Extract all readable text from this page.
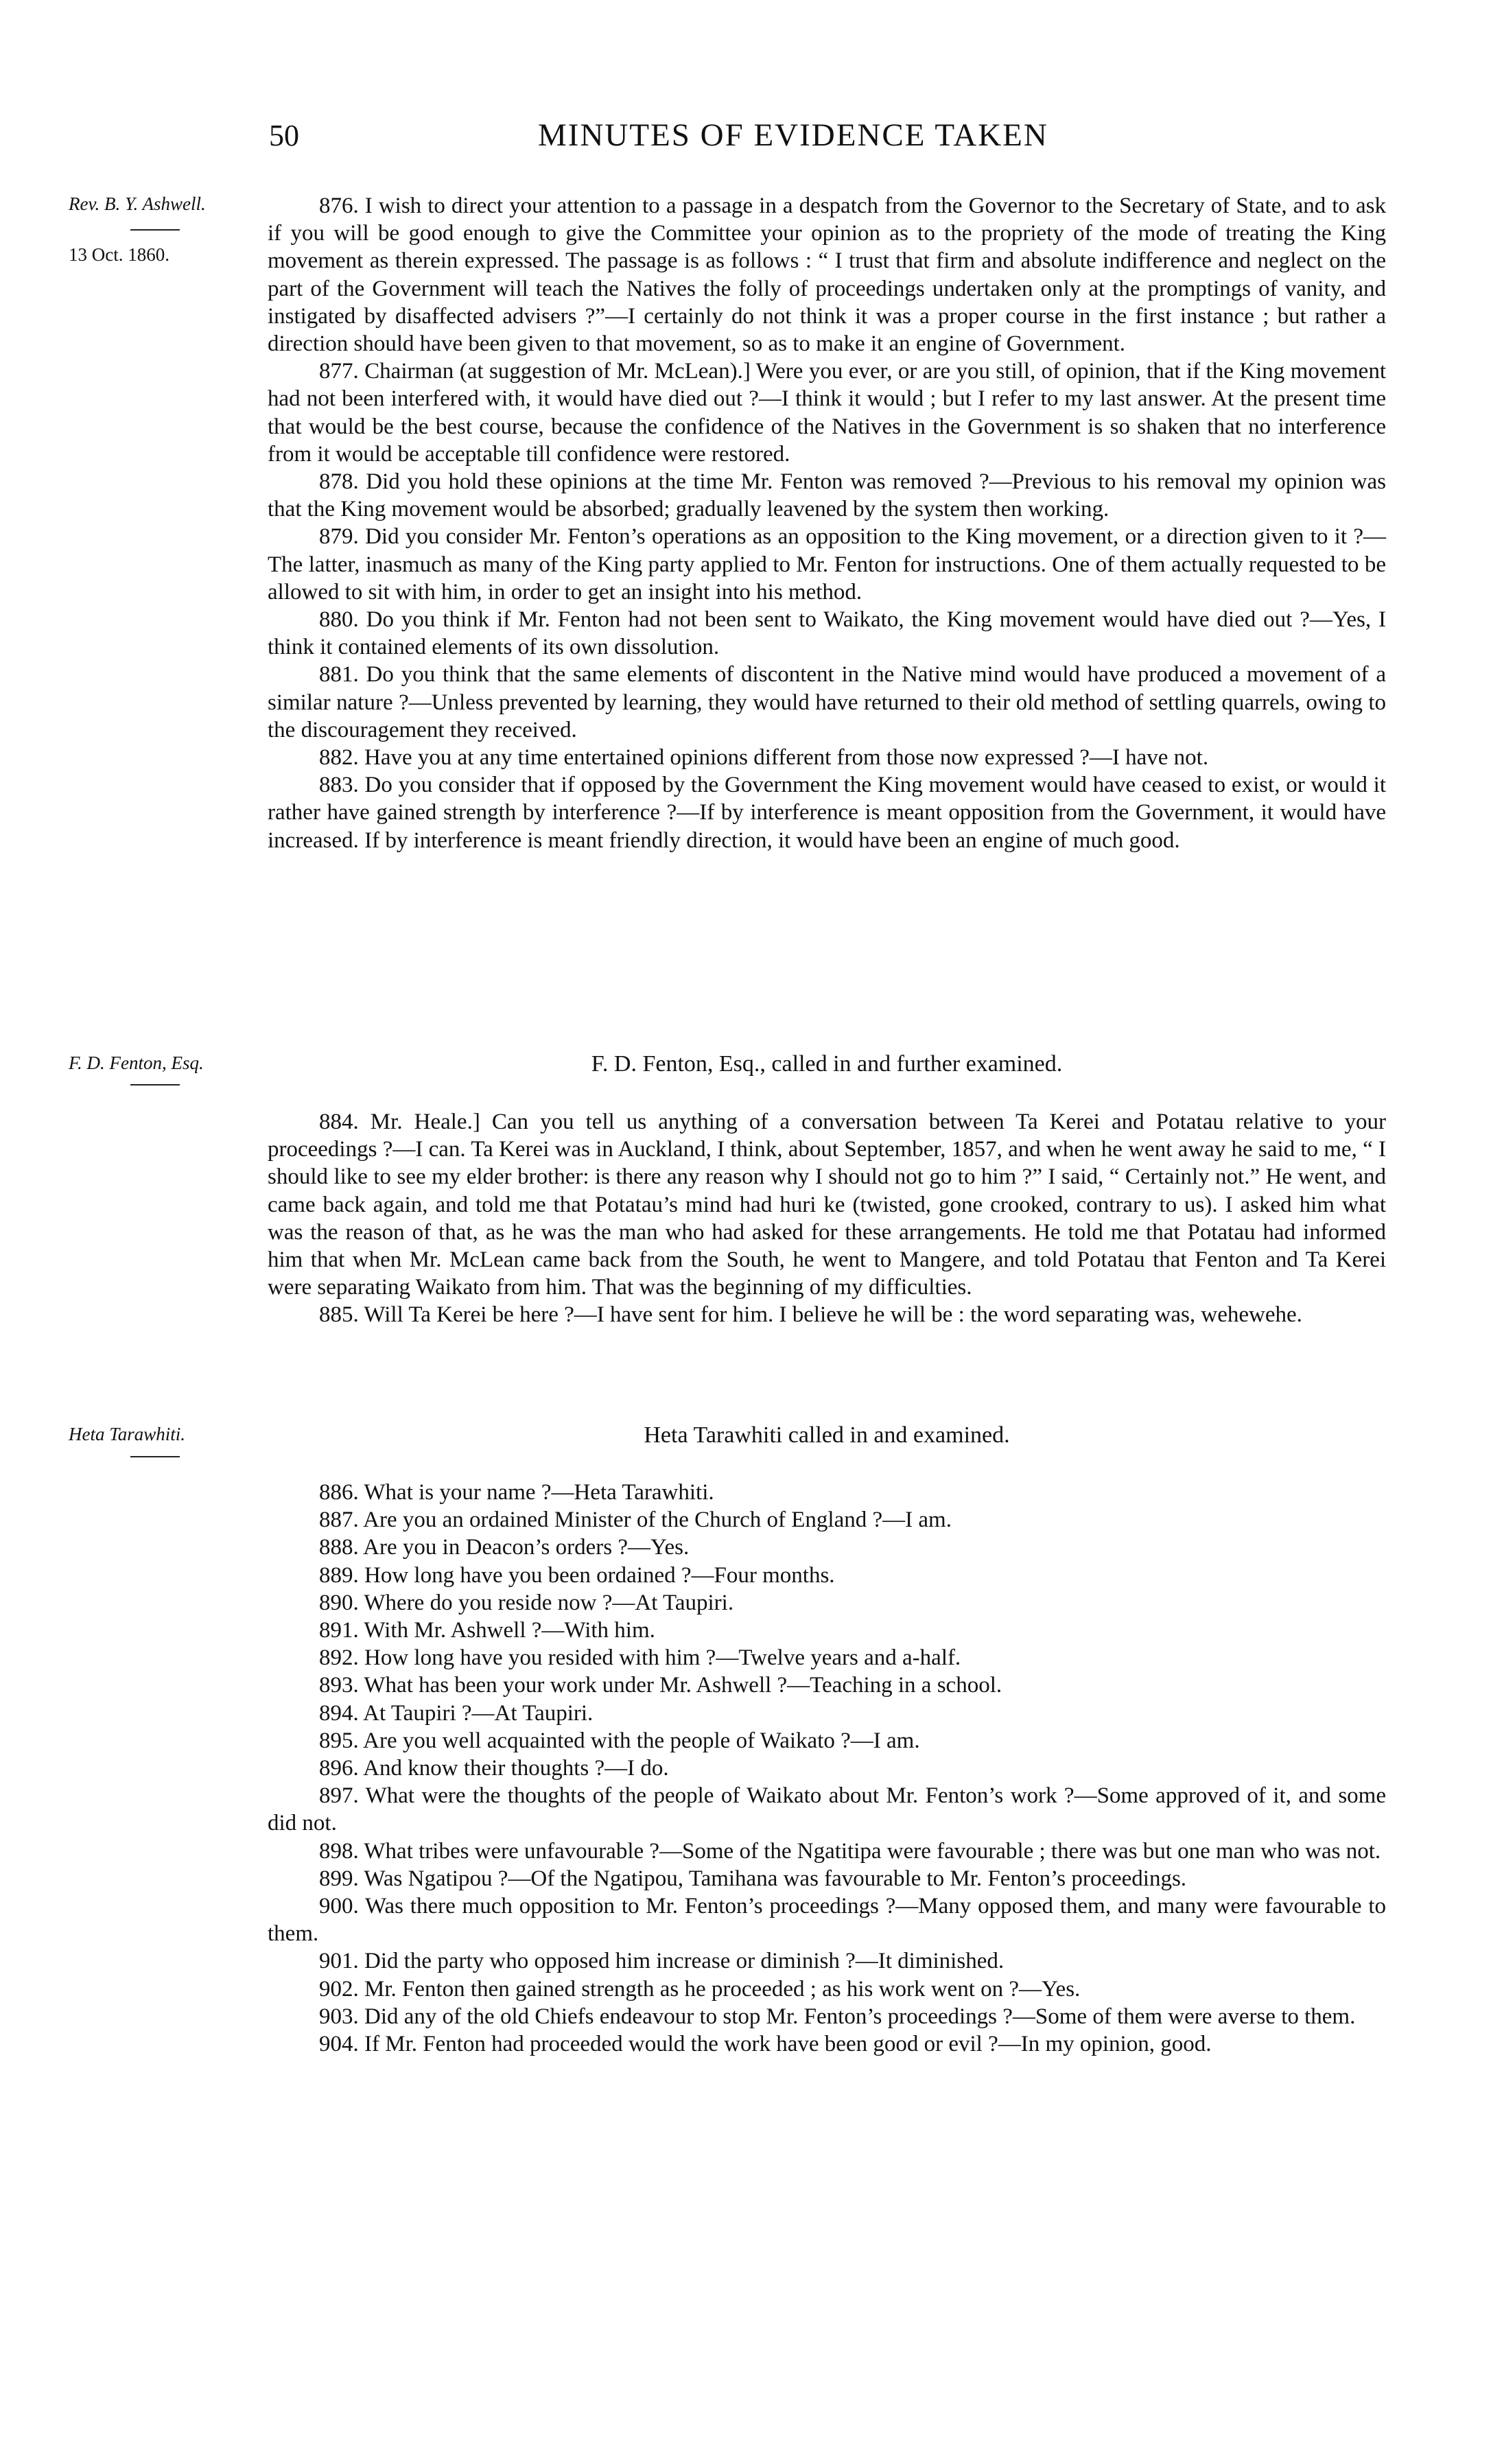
50	MINUTES OF EVIDENCE TAKEN
Rev. B. Y. Ashwell.
13 Oct. 1860.
F. D. Fenton, Esq.
Heta Tarawhiti.

876. I wish to direct your attention to a passage in a despatch from the Governor to the Secretary of State, and to ask if you will be good enough to give the Committee your opinion as to the propriety of the mode of treating the King movement as therein expressed. The passage is as follows : “ I trust that firm and absolute indifference and neglect on the part of the Government will teach the Natives the folly of proceedings undertaken only at the promptings of vanity, and instigated by disaffected advisers ?”—I certainly do not think it was a proper course in the first instance ; but rather a direction should have been given to that movement, so as to make it an engine of Government.

877. Chairman (at suggestion of Mr. McLean).] Were you ever, or are you still, of opinion, that if the King movement had not been interfered with, it would have died out ?—I think it would ; but I refer to my last answer. At the present time that would be the best course, because the confidence of the Natives in the Government is so shaken that no interference from it would be acceptable till confidence were restored.

878. Did you hold these opinions at the time Mr. Fenton was removed ?—Previous to his removal my opinion was that the King movement would be absorbed; gradually leavened by the system then working.

879. Did you consider Mr. Fenton’s operations as an opposition to the King movement, or a direction given to it ?—The latter, inasmuch as many of the King party applied to Mr. Fenton for instructions. One of them actually requested to be allowed to sit with him, in order to get an insight into his method.

880. Do you think if Mr. Fenton had not been sent to Waikato, the King movement would have died out ?—Yes, I think it contained elements of its own dissolution.

881. Do you think that the same elements of discontent in the Native mind would have produced a movement of a similar nature ?—Unless prevented by learning, they would have returned to their old method of settling quarrels, owing to the discouragement they received.

882. Have you at any time entertained opinions different from those now expressed ?—I have not.

883. Do you consider that if opposed by the Government the King movement would have ceased to exist, or would it rather have gained strength by interference ?—If by interference is meant opposition from the Government, it would have increased. If by interference is meant friendly direction, it would have been an engine of much good.

F. D. Fenton, Esq., called in and further examined.

884. Mr. Heale.] Can you tell us anything of a conversation between Ta Kerei and Potatau relative to your proceedings ?—I can. Ta Kerei was in Auckland, I think, about September, 1857, and when he went away he said to me, “ I should like to see my elder brother: is there any reason why I should not go to him ?” I said, “ Certainly not.” He went, and came back again, and told me that Potatau’s mind had huri ke (twisted, gone crooked, contrary to us). I asked him what was the reason of that, as he was the man who had asked for these arrangements. He told me that Potatau had informed him that when Mr. McLean came back from the South, he went to Mangere, and told Potatau that Fenton and Ta Kerei were separating Waikato from him. That was the beginning of my difficulties.

885. Will Ta Kerei be here ?—I have sent for him. I believe he will be : the word separating was, wehewehe.

Heta Tarawhiti called in and examined.

886. What is your name ?—Heta Tarawhiti.

887. Are you an ordained Minister of the Church of England ?—I am.

888. Are you in Deacon’s orders ?—Yes.

889. How long have you been ordained ?—Four months.

890. Where do you reside now ?—At Taupiri.

891. With Mr. Ashwell ?—With him.

892. How long have you resided with him ?—Twelve years and a-half.

893. What has been your work under Mr. Ashwell ?—Teaching in a school.

894. At Taupiri ?—At Taupiri.

895. Are you well acquainted with the people of Waikato ?—I am.

896. And know their thoughts ?—I do.

897. What were the thoughts of the people of Waikato about Mr. Fenton’s work ?—Some approved of it, and some did not.

898. What tribes were unfavourable ?—Some of the Ngatitipa were favourable ; there was but one man who was not.

899. Was Ngatipou ?—Of the Ngatipou, Tamihana was favourable to Mr. Fenton’s proceedings.

900. Was there much opposition to Mr. Fenton’s proceedings ?—Many opposed them, and many were favourable to them.

901. Did the party who opposed him increase or diminish ?—It diminished.

902. Mr. Fenton then gained strength as he proceeded ; as his work went on ?—Yes.

903. Did any of the old Chiefs endeavour to stop Mr. Fenton’s proceedings ?—Some of them were averse to them.

904. If Mr. Fenton had proceeded would the work have been good or evil ?—In my opinion, good.
